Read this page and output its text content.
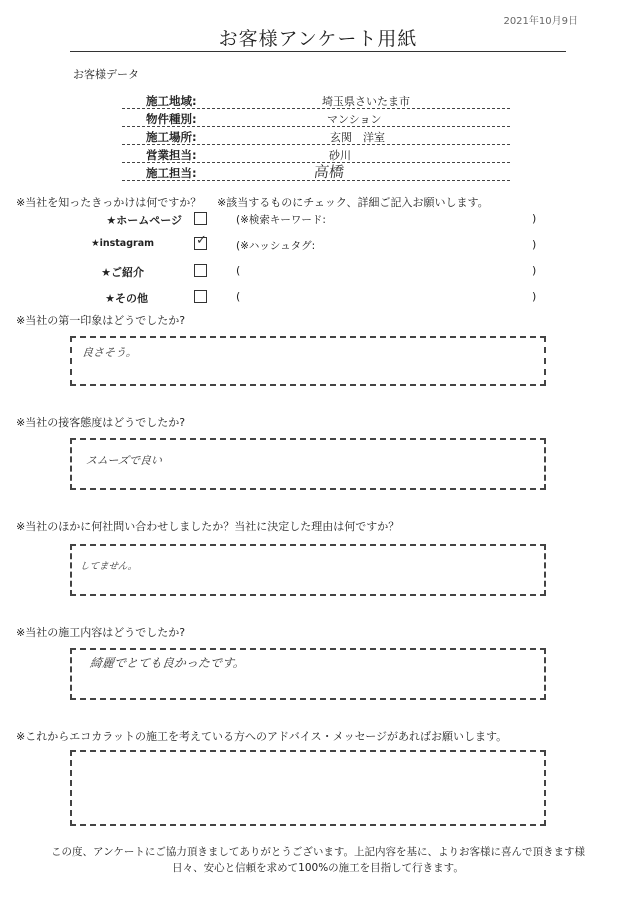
2021年10月9日
お客様アンケート用紙
お客様データ
施工地域:	埼玉県さいたま市
物件種別:	マンション
施工場所:	玄関　洋室
営業担当:	砂川
施工担当:	高橋
※当社を知ったきっかけは何ですか？ ※該当するものにチェック、詳細ご記入お願いします。
★ホームページ	(※検索キーワード:	)
★instagram	✓	(※ハッシュタグ:	)
★ご紹介	(	)
★その他	(	)
※当社の第一印象はどうでしたか?
良さそう。
※当社の接客態度はどうでしたか?
スムーズで良い
※当社のほかに何社問い合わせしましたか？当社に決定した理由は何ですか？
してません。
※当社の施工内容はどうでしたか?
綺麗でとても良かったです。
※これからエコカラットの施工を考えている方へのアドバイス・メッセージがあればお願いします。
この度、アンケートにご協力頂きましてありがとうございます。上記内容を基に、よりお客様に喜んで頂きます様
日々、安心と信頼を求めて100%の施工を目指して行きます。
